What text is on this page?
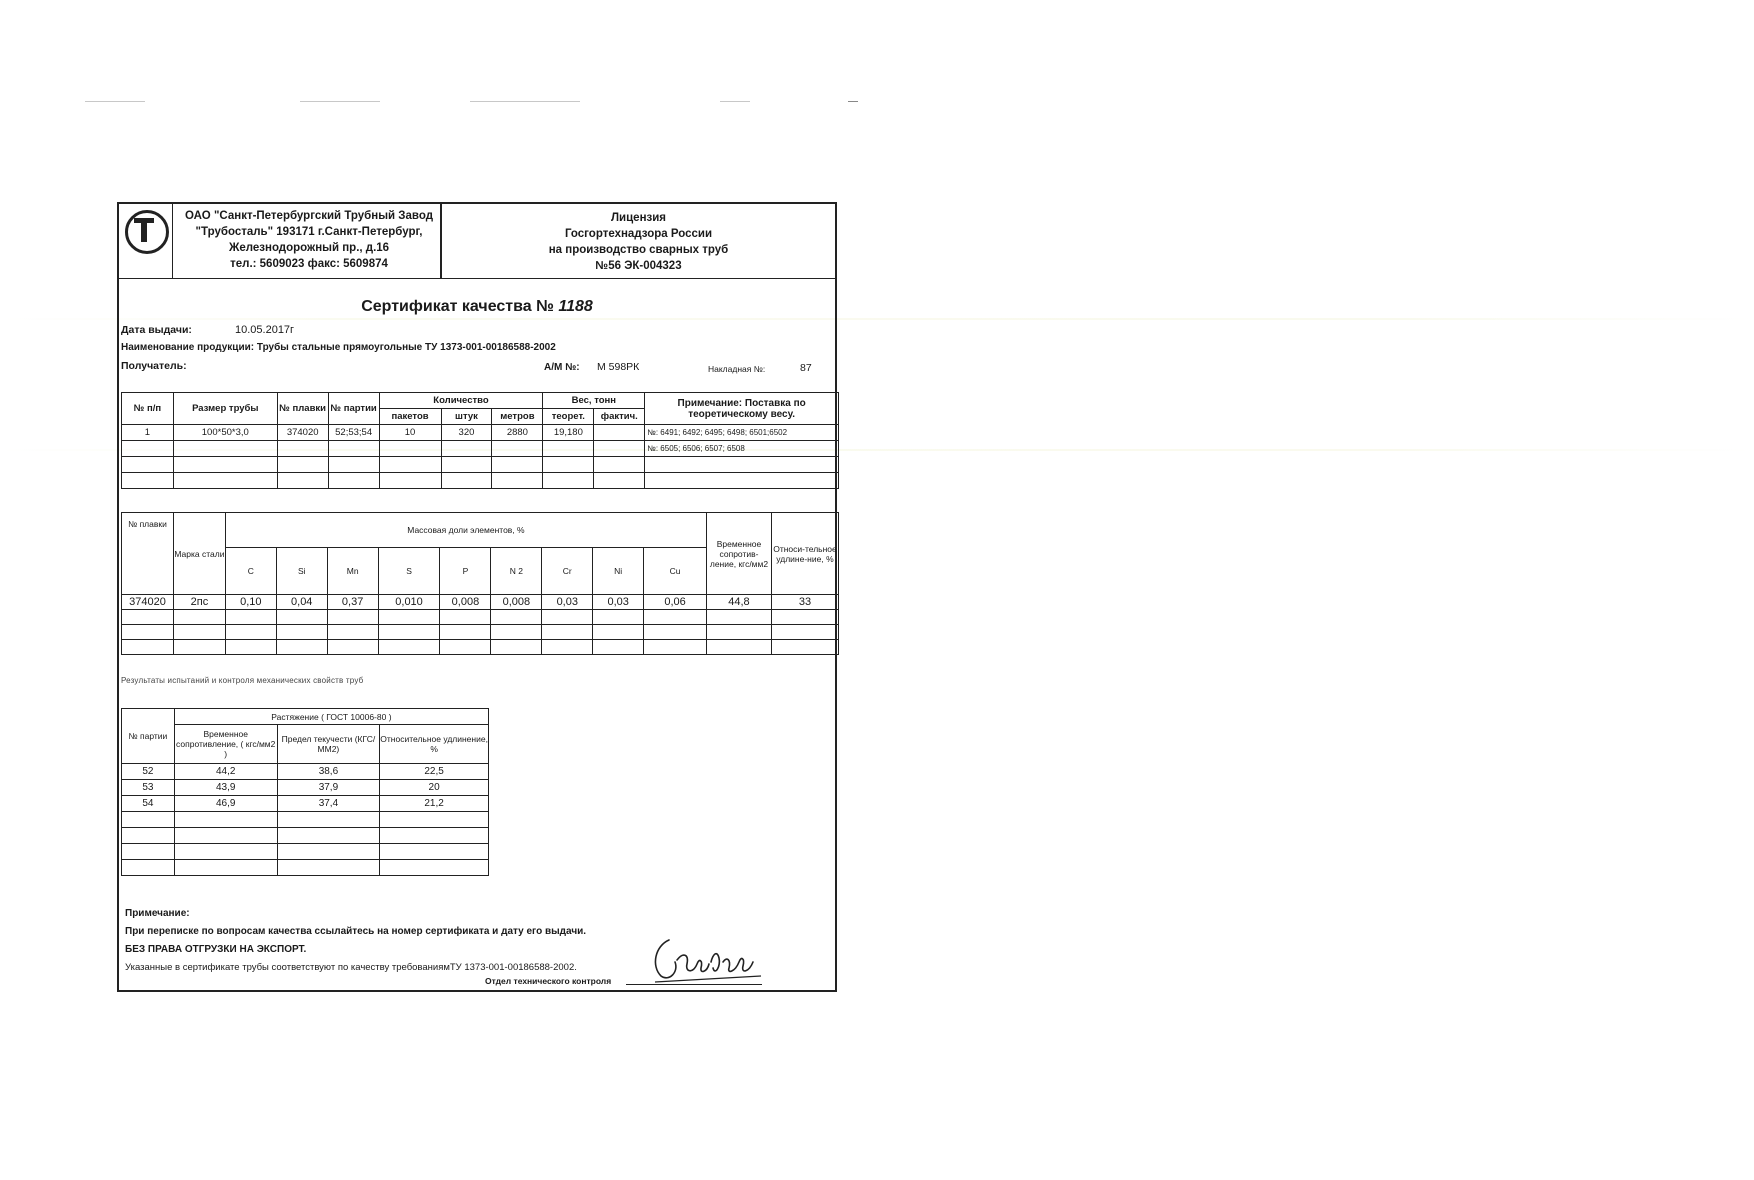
ОАО "Санкт-Петербургский Трубный Завод
"Трубосталь" 193171 г.Санкт-Петербург,
Железнодорожный пр., д.16
тел.: 5609023 факс: 5609874
Лицензия
Госгортехнадзора России
на производство сварных труб
№56 ЭК-004323
Сертификат качества № 1188
Дата выдачи:	10.05.2017г
Наименование продукции: Трубы стальные прямоугольные ТУ 1373-001-00186588-2002
Получатель:	А/М №: М 598РК	Накладная №:	87
№ п/п	Размер трубы	№ плавки	№ партии	Количество			Вес, тонн		Примечание: Поставка по теоретическому весу.
				пакетов	штук	метров	теорет.	фактич.	
1	100*50*3,0	374020	52;53;54	10	320	2880	19,180		№: 6491; 6492; 6495; 6498; 6501;6502
									№: 6505; 6506; 6507; 6508

№ плавки	Марка стали	Массовая доли элементов, %									Временное сопротив-ление, кгс/мм2	Относи-тельное удлине-ние, %
		C	Si	Mn	S	P	N 2	Cr	Ni	Cu		
374020	2пс	0,10	0,04	0,37	0,010	0,008	0,008	0,03	0,03	0,06	44,8	33

Результаты испытаний и контроля механических свойств труб
№ партии	Растяжение ( ГОСТ 10006-80 )		
	Временное сопротивление, ( кгс/мм2 )	Предел текучести (КГС/ММ2)	Относительное удлинение, %
52	44,2	38,6	22,5
53	43,9	37,9	20
54	46,9	37,4	21,2

Примечание:
При переписке по вопросам качества ссылайтесь на номер сертификата и дату его выдачи.
БЕЗ ПРАВА ОТГРУЗКИ НА ЭКСПОРТ.
Указанные в сертификате трубы соответствуют по качеству требованиямТУ 1373-001-00186588-2002.
Отдел технического контроля
